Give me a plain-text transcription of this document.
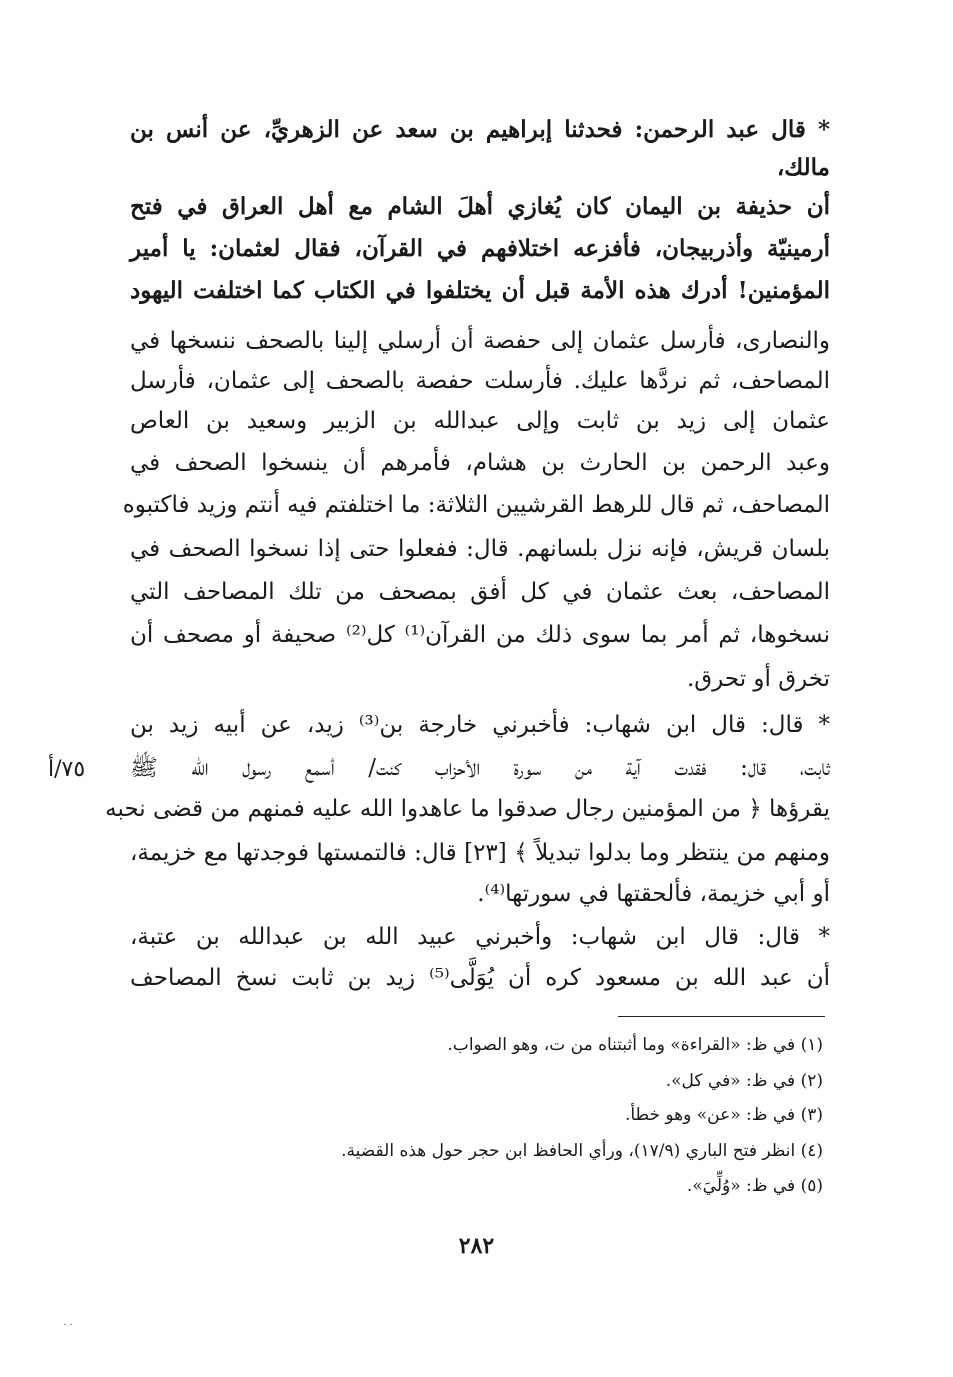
* قال عبد الرحمن: فحدثنا إبراهيم بن سعد عن الزهريِّ، عن أنس بن
مالك،
أن حذيفة بن اليمان كان يُغازي أهلَ الشام مع أهل العراق في فتح
أرمينيّة وأذربيجان، فأفزعه اختلافهم في القرآن، فقال لعثمان: يا أمير
المؤمنين! أدرك هذه الأمة قبل أن يختلفوا في الكتاب كما اختلفت اليهود
والنصارى، فأرسل عثمان إلى حفصة أن أرسلي إلينا بالصحف ننسخها في
المصاحف، ثم نردَّها عليك. فأرسلت حفصة بالصحف إلى عثمان، فأرسل
عثمان إلى زيد بن ثابت وإلى عبدالله بن الزبير وسعيد بن العاص
وعبد الرحمن بن الحارث بن هشام، فأمرهم أن ينسخوا الصحف في
المصاحف، ثم قال للرهط القرشيين الثلاثة: ما اختلفتم فيه أنتم وزيد فاكتبوه
بلسان قريش، فإنه نزل بلسانهم. قال: ففعلوا حتى إذا نسخوا الصحف في
المصاحف، بعث عثمان في كل أفق بمصحف من تلك المصاحف التي
نسخوها، ثم أمر بما سوى ذلك من القرآن⁽¹⁾ كل⁽²⁾ صحيفة أو مصحف أن
تخرق أو تحرق.
* قال: قال ابن شهاب: فأخبرني خارجة بن⁽³⁾ زيد، عن أبيه زيد بن
ثابت، قال: فقدت آية من سورة الأحزاب كنت/ أسمع رسول الله ﷺ
يقرؤها ﴿ من المؤمنين رجال صدقوا ما عاهدوا الله عليه فمنهم من قضى نحبه
ومنهم من ينتظر وما بدلوا تبديلاً ﴾ [٢٣] قال: فالتمستها فوجدتها مع خزيمة،
أو أبي خزيمة، فألحقتها في سورتها⁽⁴⁾.
* قال: قال ابن شهاب: وأخبرني عبيد الله بن عبدالله بن عتبة،
أن عبد الله بن مسعود كره أن يُوَلَّى⁽⁵⁾ زيد بن ثابت نسخ المصاحف
٧٥/أ
(١) في ظ: «القراءة» وما أثبتناه من ت، وهو الصواب.
(٢) في ظ: «في كل».
(٣) في ظ: «عن» وهو خطأ.
(٤) انظر فتح الباري (١٧/٩)، ورأي الحافظ ابن حجر حول هذه القضية.
(٥) في ظ: «وُلِّيَ».
٢٨٢
˙˙
